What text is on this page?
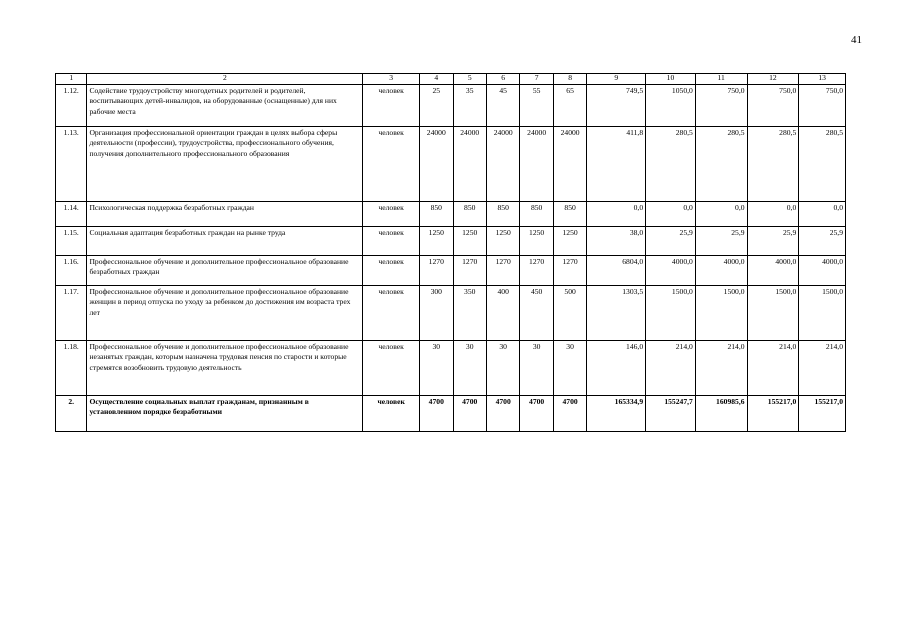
41
1	2	3	4	5	6	7	8	9	10	11	12	13
1.12.	Содействие трудоустройству многодетных родителей и родителей, воспитывающих детей-инвалидов, на оборудованные (оснащенные) для них рабочие места	человек	25	35	45	55	65	749,5	1050,0	750,0	750,0	750,0
1.13.	Организация профессиональной ориентации граждан в целях выбора сферы деятельности (профессии), трудоустройства, профессионального обучения, получения дополнительного профессионального образования	человек	24000	24000	24000	24000	24000	411,8	280,5	280,5	280,5	280,5
1.14.	Психологическая поддержка безработных граждан	человек	850	850	850	850	850	0,0	0,0	0,0	0,0	0,0
1.15.	Социальная адаптация безработных граждан на рынке труда	человек	1250	1250	1250	1250	1250	38,0	25,9	25,9	25,9	25,9
1.16.	Профессиональное обучение и дополнительное профессиональное образование безработных граждан	человек	1270	1270	1270	1270	1270	6804,0	4000,0	4000,0	4000,0	4000,0
1.17.	Профессиональное обучение и дополнительное профессиональное образование женщин в период отпуска по уходу за ребенком до достижения им возраста трех лет	человек	300	350	400	450	500	1303,5	1500,0	1500,0	1500,0	1500,0
1.18.	Профессиональное обучение и дополнительное профессиональное образование незанятых граждан, которым назначена трудовая пенсия по старости и которые стремятся возобновить трудовую деятельность	человек	30	30	30	30	30	146,0	214,0	214,0	214,0	214,0
2.	Осуществление социальных выплат гражданам, признанным в установленном порядке безработными	человек	4700	4700	4700	4700	4700	165334,9	155247,7	160985,6	155217,0	155217,0
